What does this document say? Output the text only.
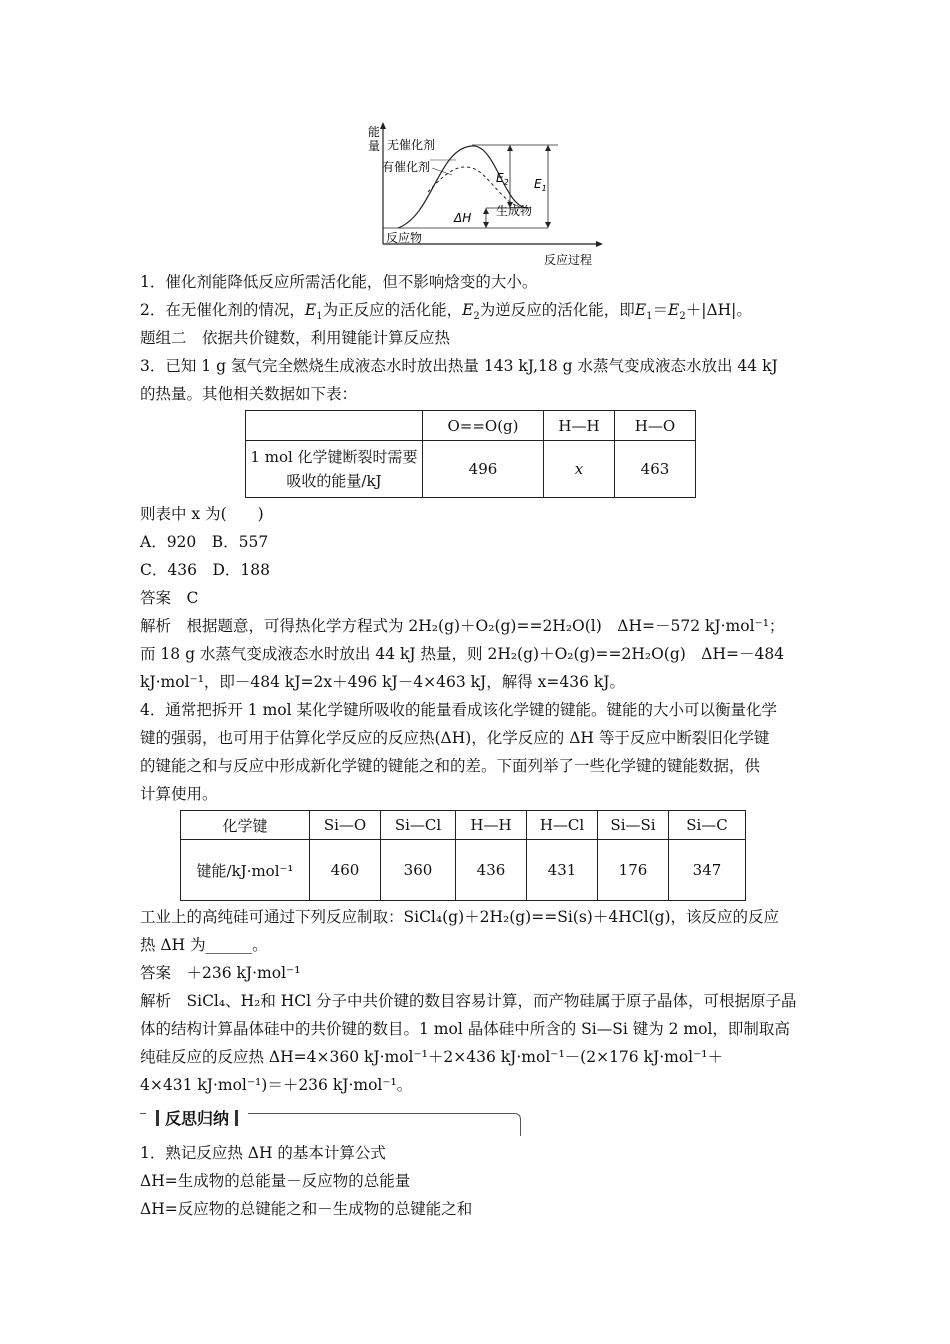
能
量 无催化剂
有催化剂
反应物
生成物
ΔH
$E_2$ $E_1$
反应过程

1．催化剂能降低反应所需活化能，但不影响焓变的大小。

2．在无催化剂的情况，$E_1$为正反应的活化能，$E_2$为逆反应的活化能，即$E_1=E_2+|\Delta H|$。

题组二　依据共价键数，利用键能计算反应热

3．已知 1 g 氢气完全燃烧生成液态水时放出热量 143 kJ,18 g 水蒸气变成液态水放出 44 kJ

的热量。其他相关数据如下表：

	O==O(g)	H—H	H—O
1 mol 化学键断裂时需要吸收的能量/kJ	496	x	463

则表中 x 为(　　)

A．920　B．557

C．436　D．188

答案　C

解析　根据题意，可得热化学方程式为 2H₂(g)＋O₂(g)==2H₂O(l)　ΔH=－572 kJ·mol⁻¹；

而 18 g 水蒸气变成液态水时放出 44 kJ 热量，则 2H₂(g)＋O₂(g)==2H₂O(g)　ΔH=－484

kJ·mol⁻¹，即－484 kJ=2x＋496 kJ－4×463 kJ，解得 x=436 kJ。

4．通常把拆开 1 mol 某化学键所吸收的能量看成该化学键的键能。键能的大小可以衡量化学

键的强弱，也可用于估算化学反应的反应热(ΔH)，化学反应的 ΔH 等于反应中断裂旧化学键

的键能之和与反应中形成新化学键的键能之和的差。下面列举了一些化学键的键能数据，供

计算使用。

化学键	Si—O	Si—Cl	H—H	H—Cl	Si—Si	Si—C
键能/kJ·mol⁻¹	460	360	436	431	176	347

工业上的高纯硅可通过下列反应制取：SiCl₄(g)＋2H₂(g)==Si(s)＋4HCl(g)，该反应的反应

热 ΔH 为______。

答案　＋236 kJ·mol⁻¹

解析　SiCl₄、H₂和 HCl 分子中共价键的数目容易计算，而产物硅属于原子晶体，可根据原子晶

体的结构计算晶体硅中的共价键的数目。1 mol 晶体硅中所含的 Si—Si 键为 2 mol，即制取高

纯硅反应的反应热 ΔH=4×360 kJ·mol⁻¹＋2×436 kJ·mol⁻¹－(2×176 kJ·mol⁻¹＋

4×431 kJ·mol⁻¹)＝＋236 kJ·mol⁻¹。

反思归纳

1．熟记反应热 ΔH 的基本计算公式

ΔH=生成物的总能量－反应物的总能量

ΔH=反应物的总键能之和－生成物的总键能之和
